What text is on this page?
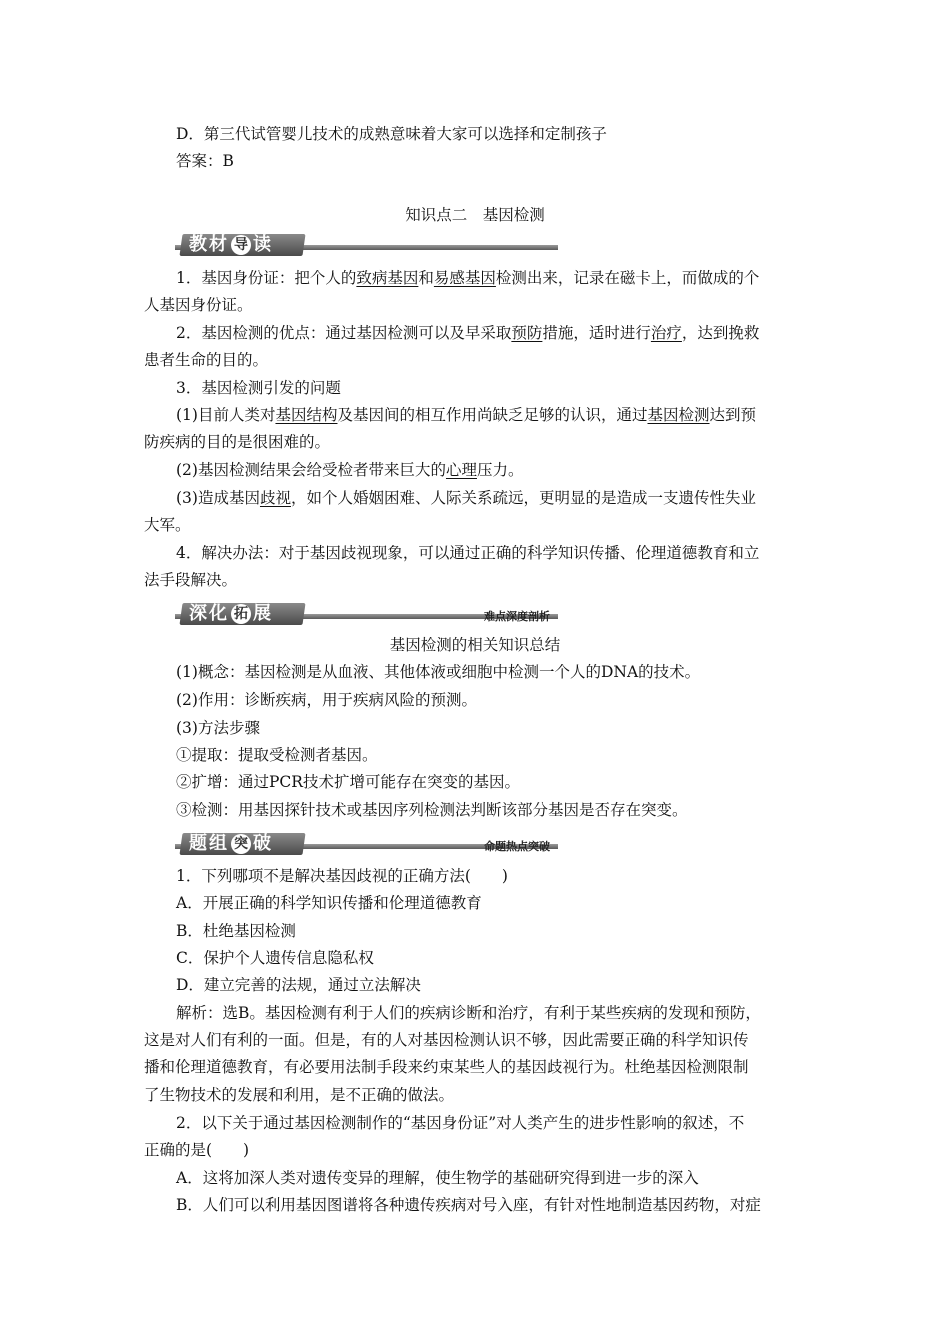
D．第三代试管婴儿技术的成熟意味着大家可以选择和定制孩子
答案：B
知识点二　基因检测
教材 导 读
1．基因身份证：把个人的致病基因和易感基因检测出来，记录在磁卡上，而做成的个
人基因身份证。
2．基因检测的优点：通过基因检测可以及早采取预防措施，适时进行治疗，达到挽救
患者生命的目的。
3．基因检测引发的问题
(1)目前人类对基因结构及基因间的相互作用尚缺乏足够的认识，通过基因检测达到预
防疾病的目的是很困难的。
(2)基因检测结果会给受检者带来巨大的心理压力。
(3)造成基因歧视，如个人婚姻困难、人际关系疏远，更明显的是造成一支遗传性失业
大军。
4．解决办法：对于基因歧视现象，可以通过正确的科学知识传播、伦理道德教育和立
法手段解决。
深化 拓 展	难点深度剖析
基因检测的相关知识总结
(1)概念：基因检测是从血液、其他体液或细胞中检测一个人的DNA的技术。
(2)作用：诊断疾病，用于疾病风险的预测。
(3)方法步骤
①提取：提取受检测者基因。
②扩增：通过PCR技术扩增可能存在突变的基因。
③检测：用基因探针技术或基因序列检测法判断该部分基因是否存在突变。
题组 突 破	命题热点突破
1．下列哪项不是解决基因歧视的正确方法(　　)
A．开展正确的科学知识传播和伦理道德教育
B．杜绝基因检测
C．保护个人遗传信息隐私权
D．建立完善的法规，通过立法解决
解析：选B。基因检测有利于人们的疾病诊断和治疗，有利于某些疾病的发现和预防，
这是对人们有利的一面。但是，有的人对基因检测认识不够，因此需要正确的科学知识传
播和伦理道德教育，有必要用法制手段来约束某些人的基因歧视行为。杜绝基因检测限制
了生物技术的发展和利用，是不正确的做法。
2．以下关于通过基因检测制作的“基因身份证”对人类产生的进步性影响的叙述，不
正确的是(　　)
A．这将加深人类对遗传变异的理解，使生物学的基础研究得到进一步的深入
B．人们可以利用基因图谱将各种遗传疾病对号入座，有针对性地制造基因药物，对症
